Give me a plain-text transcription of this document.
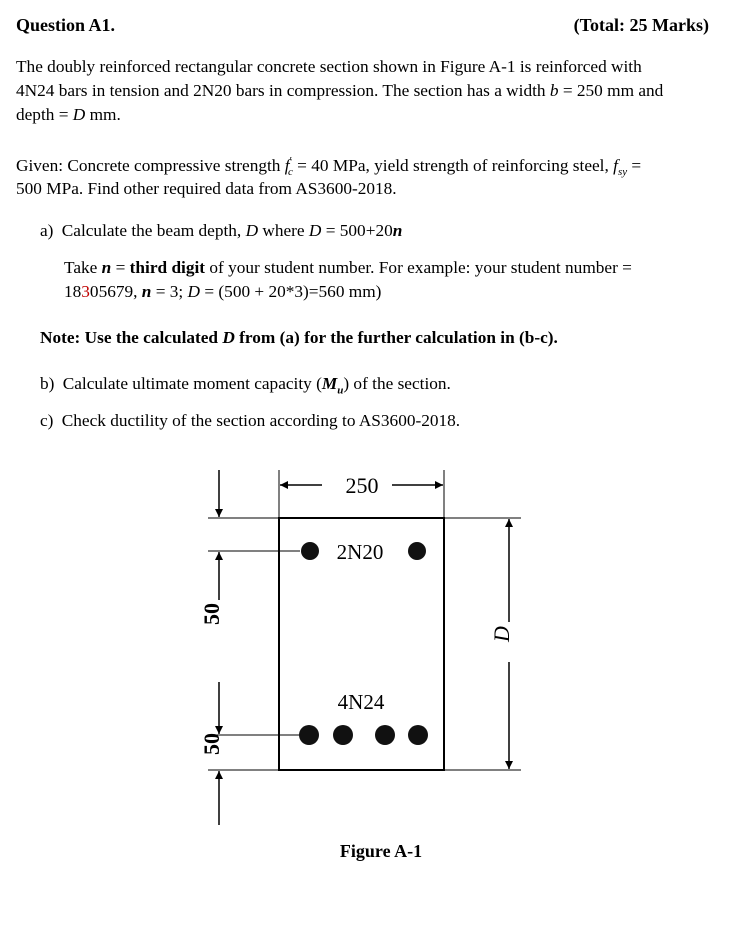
Question A1.	(Total: 25 Marks)
The doubly reinforced rectangular concrete section shown in Figure A-1 is reinforced with
4N24 bars in tension and 2N20 bars in compression. The section has a width b = 250 mm and
depth = D mm.
Given: Concrete compressive strength $f'_c = 40$ MPa, yield strength of reinforcing steel, $f_{sy}$ =
500 MPa. Find other required data from AS3600-2018.
a) Calculate the beam depth, D where D = 500+20n
Take n = third digit of your student number. For example: your student number =
18305679, n = 3; D = (500 + 20*3)=560 mm)
Note: Use the calculated D from (a) for the further calculation in (b-c).
b) Calculate ultimate moment capacity $(M_u)$ of the section.
c) Check ductility of the section according to AS3600-2018.
250
2N20
4N24
50
50
D
Figure A-1
